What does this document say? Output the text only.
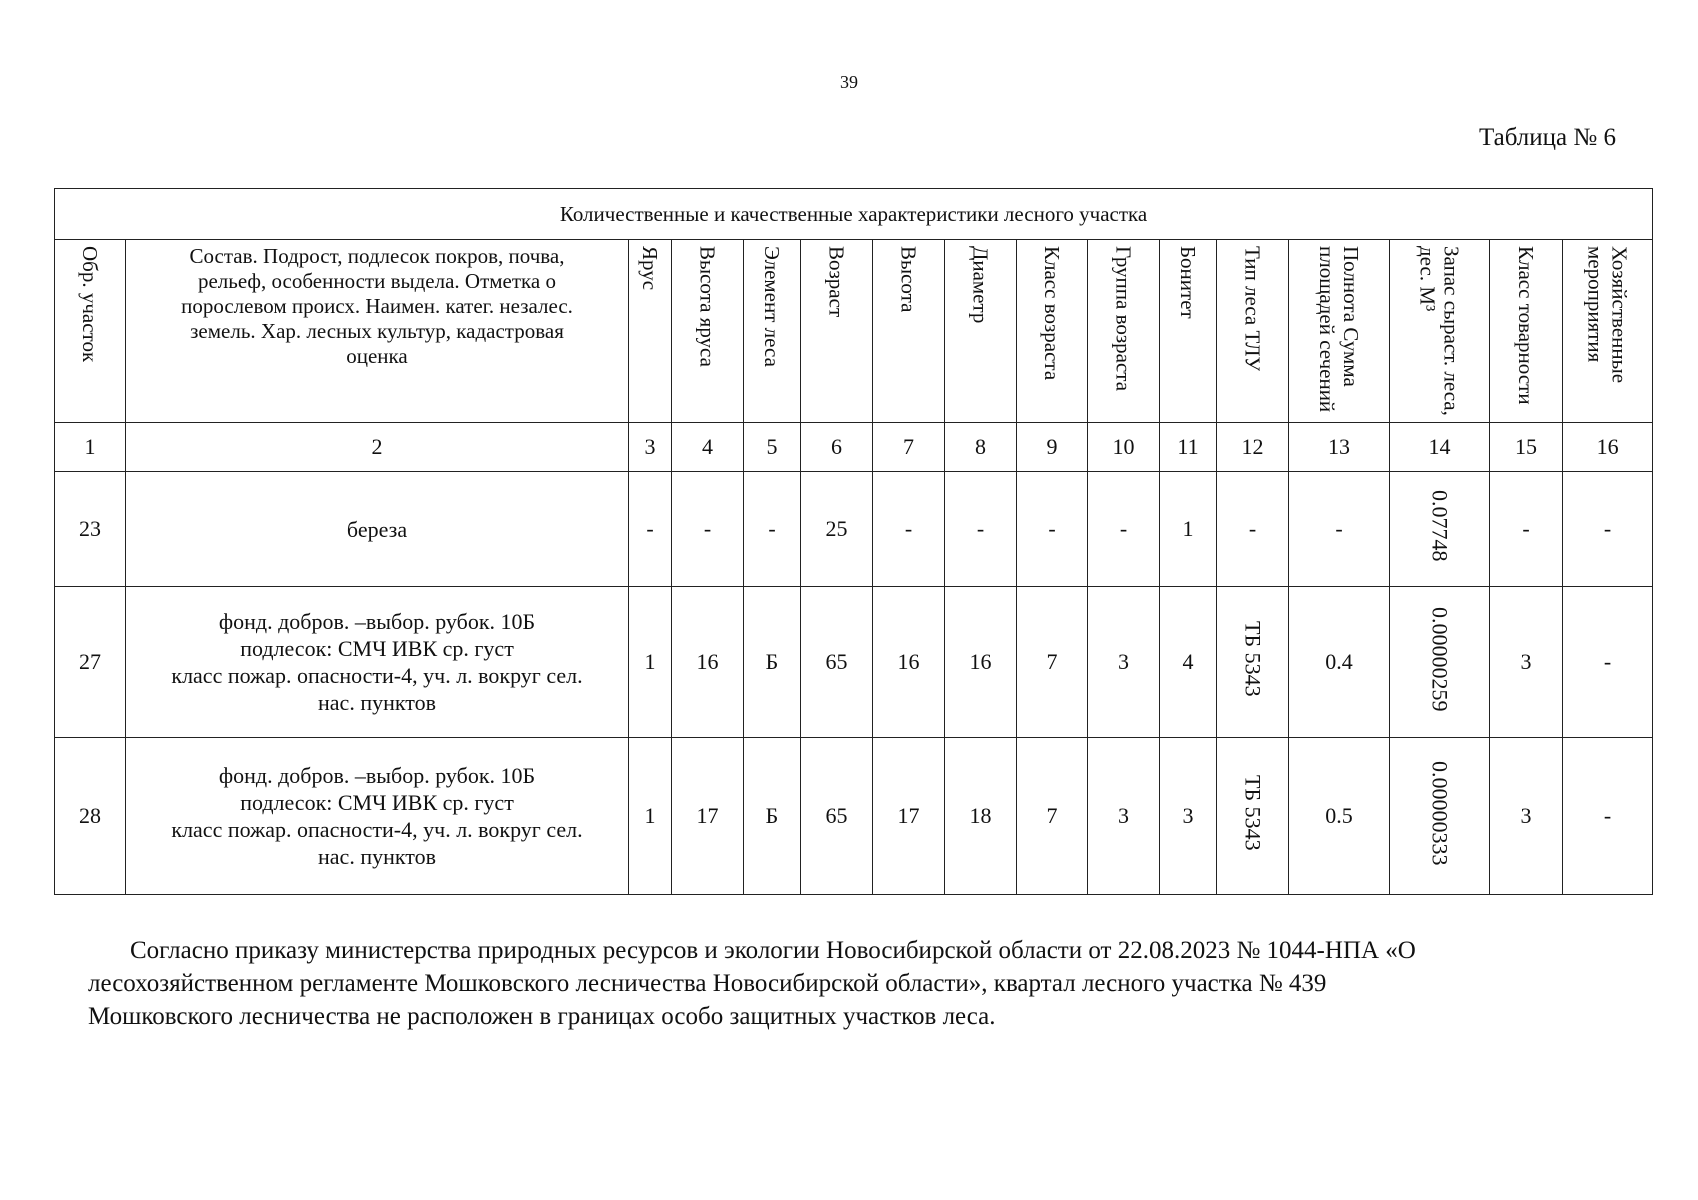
39
Таблица № 6
Количественные и качественные характеристики лесного участка															

Обр. участок	Состав. Подрост, подлесок покров, почва,
рельеф, особенности выдела. Отметка о
порослевом происх. Наимен. катег. незалес.
земель. Хар. лесных культур, кадастровая
оценка	Ярус	Высота яруса	Элемент леса	Возраст	Высота	Диаметр	Класс возраста	Группа возраста	Бонитет	Тип леса ТЛУ	Полнота Сумма площадей сечений	Запас сыраст. леса, дес. М³	Класс товарности	Хозяйственные мероприятия

1	2	3	4	5	6	7	8	9	10	11	12	13	14	15	16
23	береза	-	-	-	25	-	-	-	-	1	-	-	0.07748	-	-
27	фонд. добров. –выбор. рубок. 10Б
подлесок: СМЧ ИВК ср. густ
класс пожар. опасности-4, уч. л. вокруг сел.
нас. пунктов	1	16	Б	65	16	16	7	3	4	ТБ 5343	0.4	0.00000259	3	-
28	фонд. добров. –выбор. рубок. 10Б
подлесок: СМЧ ИВК ср. густ
класс пожар. опасности-4, уч. л. вокруг сел.
нас. пунктов	1	17	Б	65	17	18	7	3	3	ТБ 5343	0.5	0.00000333	3	-
Согласно приказу министерства природных ресурсов и экологии Новосибирской области от 22.08.2023 № 1044-НПА «О
лесохозяйственном регламенте Мошковского лесничества Новосибирской области», квартал лесного участка № 439
Мошковского лесничества не расположен в границах особо защитных участков леса.
